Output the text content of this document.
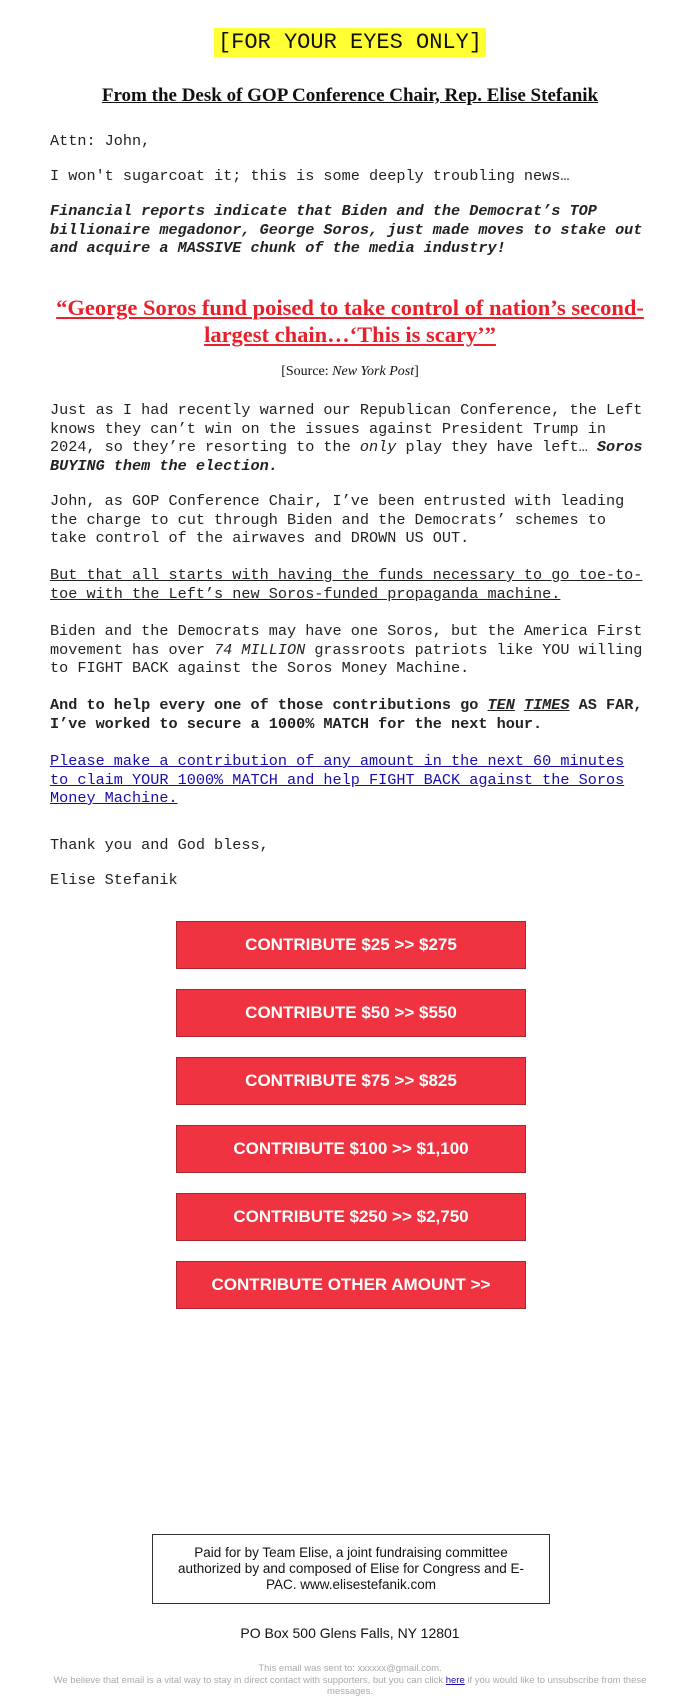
[FOR YOUR EYES ONLY]
From the Desk of GOP Conference Chair, Rep. Elise Stefanik
Attn: John,
I won't sugarcoat it; this is some deeply troubling news…
Financial reports indicate that Biden and the Democrat’s TOP billionaire megadonor, George Soros, just made moves to stake out and acquire a MASSIVE chunk of the media industry!
“George Soros fund poised to take control of nation’s second-largest chain…‘This is scary’”
[Source: New York Post]
Just as I had recently warned our Republican Conference, the Left knows they can’t win on the issues against President Trump in 2024, so they’re resorting to the only play they have left… Soros BUYING them the election.
John, as GOP Conference Chair, I’ve been entrusted with leading the charge to cut through Biden and the Democrats’ schemes to take control of the airwaves and DROWN US OUT.
But that all starts with having the funds necessary to go toe-to-toe with the Left’s new Soros-funded propaganda machine.
Biden and the Democrats may have one Soros, but the America First movement has over 74 MILLION grassroots patriots like YOU willing to FIGHT BACK against the Soros Money Machine.
And to help every one of those contributions go TEN TIMES AS FAR, I’ve worked to secure a 1000% MATCH for the next hour.
Please make a contribution of any amount in the next 60 minutes to claim YOUR 1000% MATCH and help FIGHT BACK against the Soros Money Machine.
Thank you and God bless,
Elise Stefanik
CONTRIBUTE $25 >> $275
CONTRIBUTE $50 >> $550
CONTRIBUTE $75 >> $825
CONTRIBUTE $100 >> $1,100
CONTRIBUTE $250 >> $2,750
CONTRIBUTE OTHER AMOUNT >>
Paid for by Team Elise, a joint fundraising committee authorized by and composed of Elise for Congress and E-PAC. www.elisestefanik.com
PO Box 500 Glens Falls, NY 12801
This email was sent to: xxxxxx@gmail.com.
We believe that email is a vital way to stay in direct contact with supporters, but you can click here if you would like to unsubscribe from these messages.
